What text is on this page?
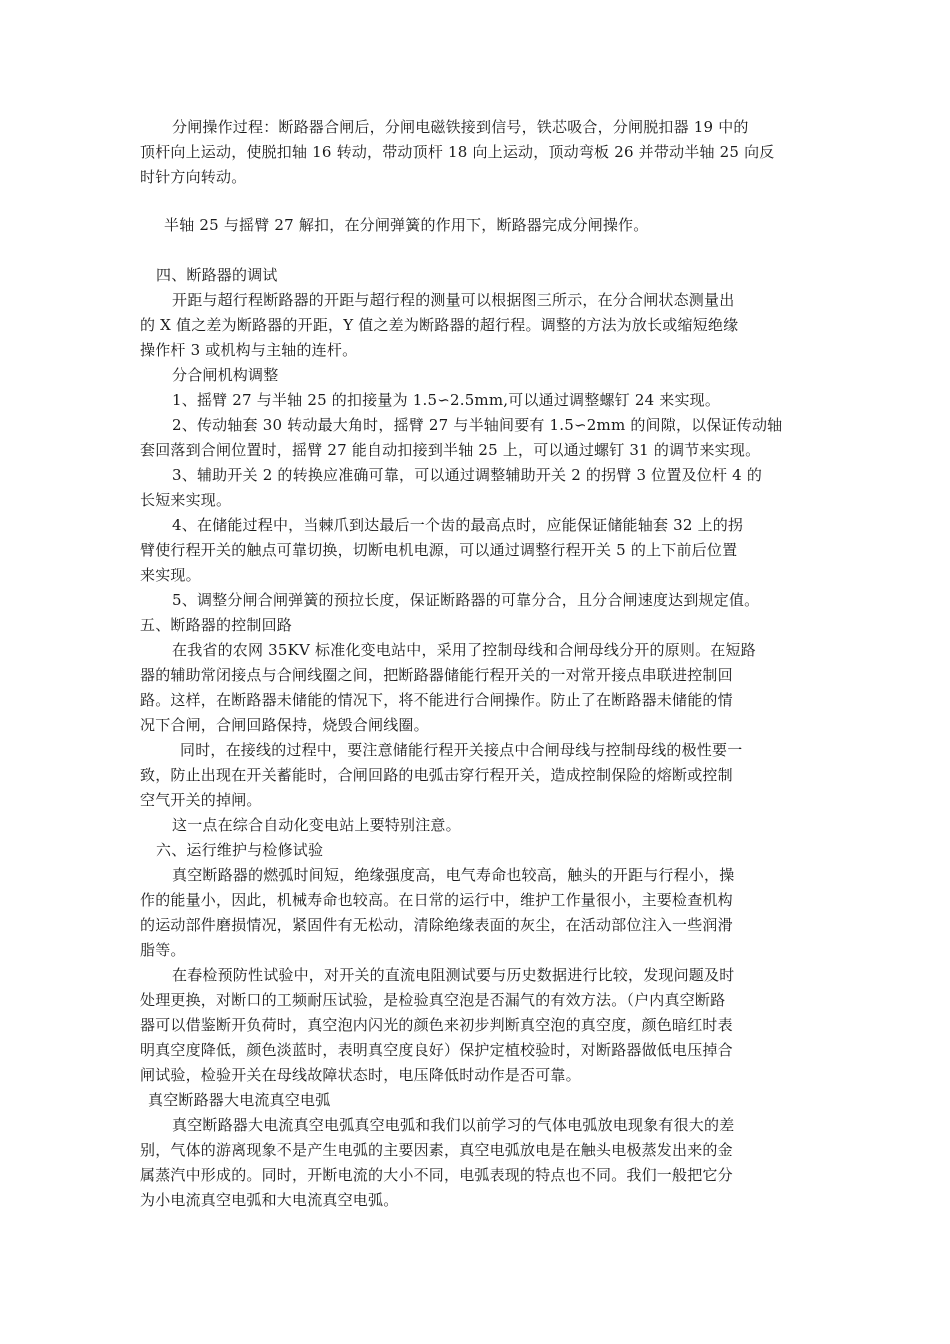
分闸操作过程：断路器合闸后，分闸电磁铁接到信号，铁芯吸合，分闸脱扣器 19 中的
顶杆向上运动，使脱扣轴 16 转动，带动顶杆 18 向上运动，顶动弯板 26 并带动半轴 25 向反
时针方向转动。
半轴 25 与摇臂 27 解扣，在分闸弹簧的作用下，断路器完成分闸操作。
四、断路器的调试
开距与超行程断路器的开距与超行程的测量可以根据图三所示，在分合闸状态测量出
的 X 值之差为断路器的开距，Y 值之差为断路器的超行程。调整的方法为放长或缩短绝缘
操作杆 3 或机构与主轴的连杆。
分合闸机构调整
1、摇臂 27 与半轴 25 的扣接量为 1.5∽2.5mm,可以通过调整螺钉 24 来实现。
2、传动轴套 30 转动最大角时，摇臂 27 与半轴间要有 1.5∽2mm 的间隙，以保证传动轴
套回落到合闸位置时，摇臂 27 能自动扣接到半轴 25 上，可以通过螺钉 31 的调节来实现。
3、辅助开关 2 的转换应准确可靠，可以通过调整辅助开关 2 的拐臂 3 位置及位杆 4 的
长短来实现。
4、在储能过程中，当棘爪到达最后一个齿的最高点时，应能保证储能轴套 32 上的拐
臂使行程开关的触点可靠切换，切断电机电源，可以通过调整行程开关 5 的上下前后位置
来实现。
5、调整分闸合闸弹簧的预拉长度，保证断路器的可靠分合，且分合闸速度达到规定值。
五、断路器的控制回路
在我省的农网 35KV 标准化变电站中，采用了控制母线和合闸母线分开的原则。在短路
器的辅助常闭接点与合闸线圈之间，把断路器储能行程开关的一对常开接点串联进控制回
路。这样，在断路器未储能的情况下，将不能进行合闸操作。防止了在断路器未储能的情
况下合闸，合闸回路保持，烧毁合闸线圈。
同时，在接线的过程中，要注意储能行程开关接点中合闸母线与控制母线的极性要一
致，防止出现在开关蓄能时，合闸回路的电弧击穿行程开关，造成控制保险的熔断或控制
空气开关的掉闸。
这一点在综合自动化变电站上要特别注意。
六、运行维护与检修试验
真空断路器的燃弧时间短，绝缘强度高，电气寿命也较高，触头的开距与行程小，操
作的能量小，因此，机械寿命也较高。在日常的运行中，维护工作量很小，主要检查机构
的运动部件磨损情况，紧固件有无松动，清除绝缘表面的灰尘，在活动部位注入一些润滑
脂等。
在春检预防性试验中，对开关的直流电阻测试要与历史数据进行比较，发现问题及时
处理更换，对断口的工频耐压试验，是检验真空泡是否漏气的有效方法。（户内真空断路
器可以借鉴断开负荷时，真空泡内闪光的颜色来初步判断真空泡的真空度，颜色暗红时表
明真空度降低，颜色淡蓝时，表明真空度良好）保护定植校验时，对断路器做低电压掉合
闸试验，检验开关在母线故障状态时，电压降低时动作是否可靠。
真空断路器大电流真空电弧
真空断路器大电流真空电弧真空电弧和我们以前学习的气体电弧放电现象有很大的差
别，气体的游离现象不是产生电弧的主要因素，真空电弧放电是在触头电极蒸发出来的金
属蒸汽中形成的。同时，开断电流的大小不同，电弧表现的特点也不同。我们一般把它分
为小电流真空电弧和大电流真空电弧。
